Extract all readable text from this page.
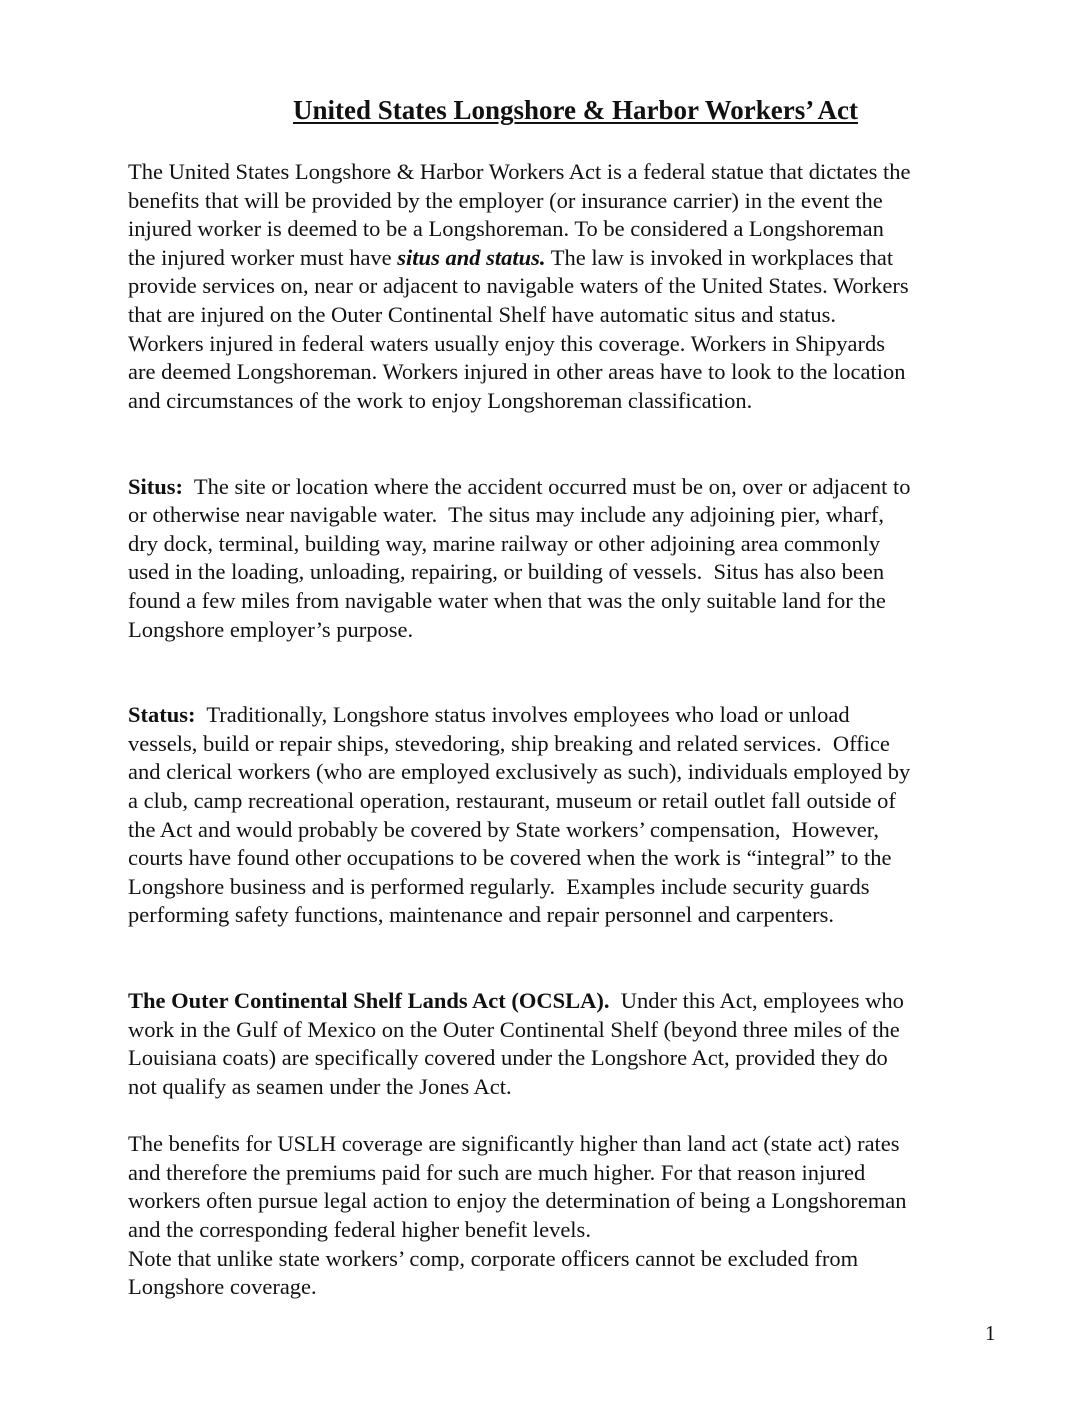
United States Longshore & Harbor Workers’ Act

The United States Longshore & Harbor Workers Act is a federal statue that dictates the
benefits that will be provided by the employer (or insurance carrier) in the event the
injured worker is deemed to be a Longshoreman. To be considered a Longshoreman
the injured worker must have situs and status. The law is invoked in workplaces that
provide services on, near or adjacent to navigable waters of the United States. Workers
that are injured on the Outer Continental Shelf have automatic situs and status.
Workers injured in federal waters usually enjoy this coverage. Workers in Shipyards
are deemed Longshoreman. Workers injured in other areas have to look to the location
and circumstances of the work to enjoy Longshoreman classification.

Situs:  The site or location where the accident occurred must be on, over or adjacent to
or otherwise near navigable water.  The situs may include any adjoining pier, wharf,
dry dock, terminal, building way, marine railway or other adjoining area commonly
used in the loading, unloading, repairing, or building of vessels.  Situs has also been
found a few miles from navigable water when that was the only suitable land for the
Longshore employer’s purpose.

Status:  Traditionally, Longshore status involves employees who load or unload
vessels, build or repair ships, stevedoring, ship breaking and related services.  Office
and clerical workers (who are employed exclusively as such), individuals employed by
a club, camp recreational operation, restaurant, museum or retail outlet fall outside of
the Act and would probably be covered by State workers’ compensation,  However,
courts have found other occupations to be covered when the work is “integral” to the
Longshore business and is performed regularly.  Examples include security guards
performing safety functions, maintenance and repair personnel and carpenters.

The Outer Continental Shelf Lands Act (OCSLA).  Under this Act, employees who
work in the Gulf of Mexico on the Outer Continental Shelf (beyond three miles of the
Louisiana coats) are specifically covered under the Longshore Act, provided they do
not qualify as seamen under the Jones Act.

The benefits for USLH coverage are significantly higher than land act (state act) rates
and therefore the premiums paid for such are much higher. For that reason injured
workers often pursue legal action to enjoy the determination of being a Longshoreman
and the corresponding federal higher benefit levels.
Note that unlike state workers’ comp, corporate officers cannot be excluded from
Longshore coverage.

1
